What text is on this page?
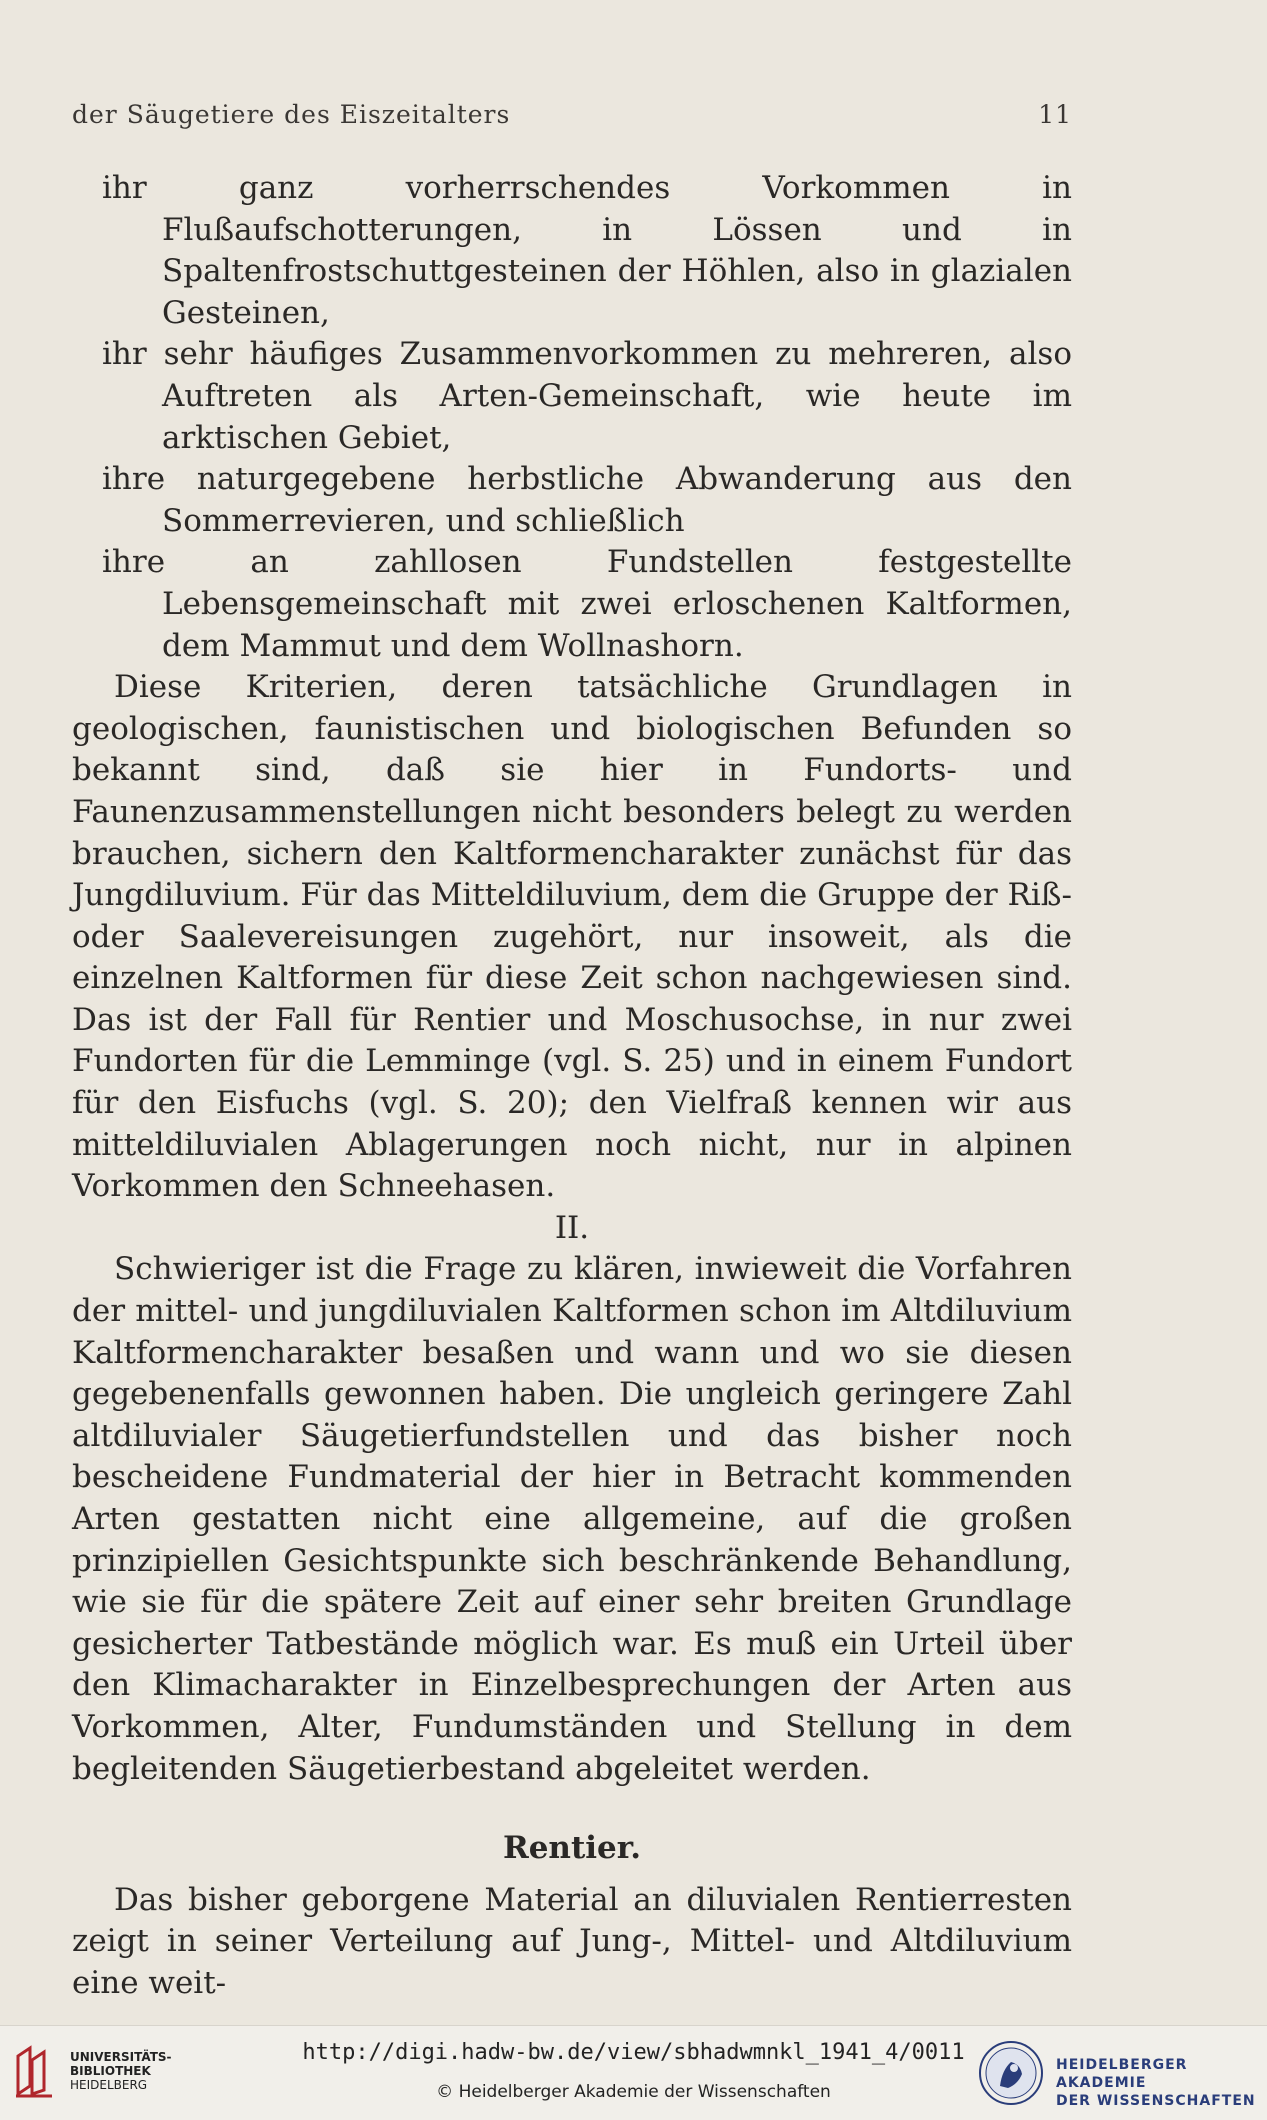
der Säugetiere des Eiszeitalters	11

ihr ganz vorherrschendes Vorkommen in Flußaufschotterungen, in Lössen und in Spaltenfrostschuttgesteinen der Höhlen, also in glazialen Gesteinen,

ihr sehr häufiges Zusammenvorkommen zu mehreren, also Auftreten als Arten-Gemeinschaft, wie heute im arktischen Gebiet,

ihre naturgegebene herbstliche Abwanderung aus den Sommerrevieren, und schließlich

ihre an zahllosen Fundstellen festgestellte Lebensgemeinschaft mit zwei erloschenen Kaltformen, dem Mammut und dem Wollnashorn.

Diese Kriterien, deren tatsächliche Grundlagen in geologischen, faunistischen und biologischen Befunden so bekannt sind, daß sie hier in Fundorts- und Faunenzusammenstellungen nicht besonders belegt zu werden brauchen, sichern den Kaltformencharakter zunächst für das Jungdiluvium. Für das Mitteldiluvium, dem die Gruppe der Riß- oder Saalevereisungen zugehört, nur insoweit, als die einzelnen Kaltformen für diese Zeit schon nachgewiesen sind. Das ist der Fall für Rentier und Moschusochse, in nur zwei Fundorten für die Lemminge (vgl. S. 25) und in einem Fundort für den Eisfuchs (vgl. S. 20); den Vielfraß kennen wir aus mitteldiluvialen Ablagerungen noch nicht, nur in alpinen Vorkommen den Schneehasen.

II.

Schwieriger ist die Frage zu klären, inwieweit die Vorfahren der mittel- und jungdiluvialen Kaltformen schon im Altdiluvium Kaltformencharakter besaßen und wann und wo sie diesen gegebenenfalls gewonnen haben. Die ungleich geringere Zahl altdiluvialer Säugetierfundstellen und das bisher noch bescheidene Fundmaterial der hier in Betracht kommenden Arten gestatten nicht eine allgemeine, auf die großen prinzipiellen Gesichtspunkte sich beschränkende Behandlung, wie sie für die spätere Zeit auf einer sehr breiten Grundlage gesicherter Tatbestände möglich war. Es muß ein Urteil über den Klimacharakter in Einzelbesprechungen der Arten aus Vorkommen, Alter, Fundumständen und Stellung in dem begleitenden Säugetierbestand abgeleitet werden.

Rentier.

Das bisher geborgene Material an diluvialen Rentierresten zeigt in seiner Verteilung auf Jung-, Mittel- und Altdiluvium eine weit-

UNIVERSITÄTS-
BIBLIOTHEK
HEIDELBERG
http://digi.hadw-bw.de/view/sbhadwmnkl_1941_4/0011
© Heidelberger Akademie der Wissenschaften
HEIDELBERGER AKADEMIE
DER WISSENSCHAFTEN
